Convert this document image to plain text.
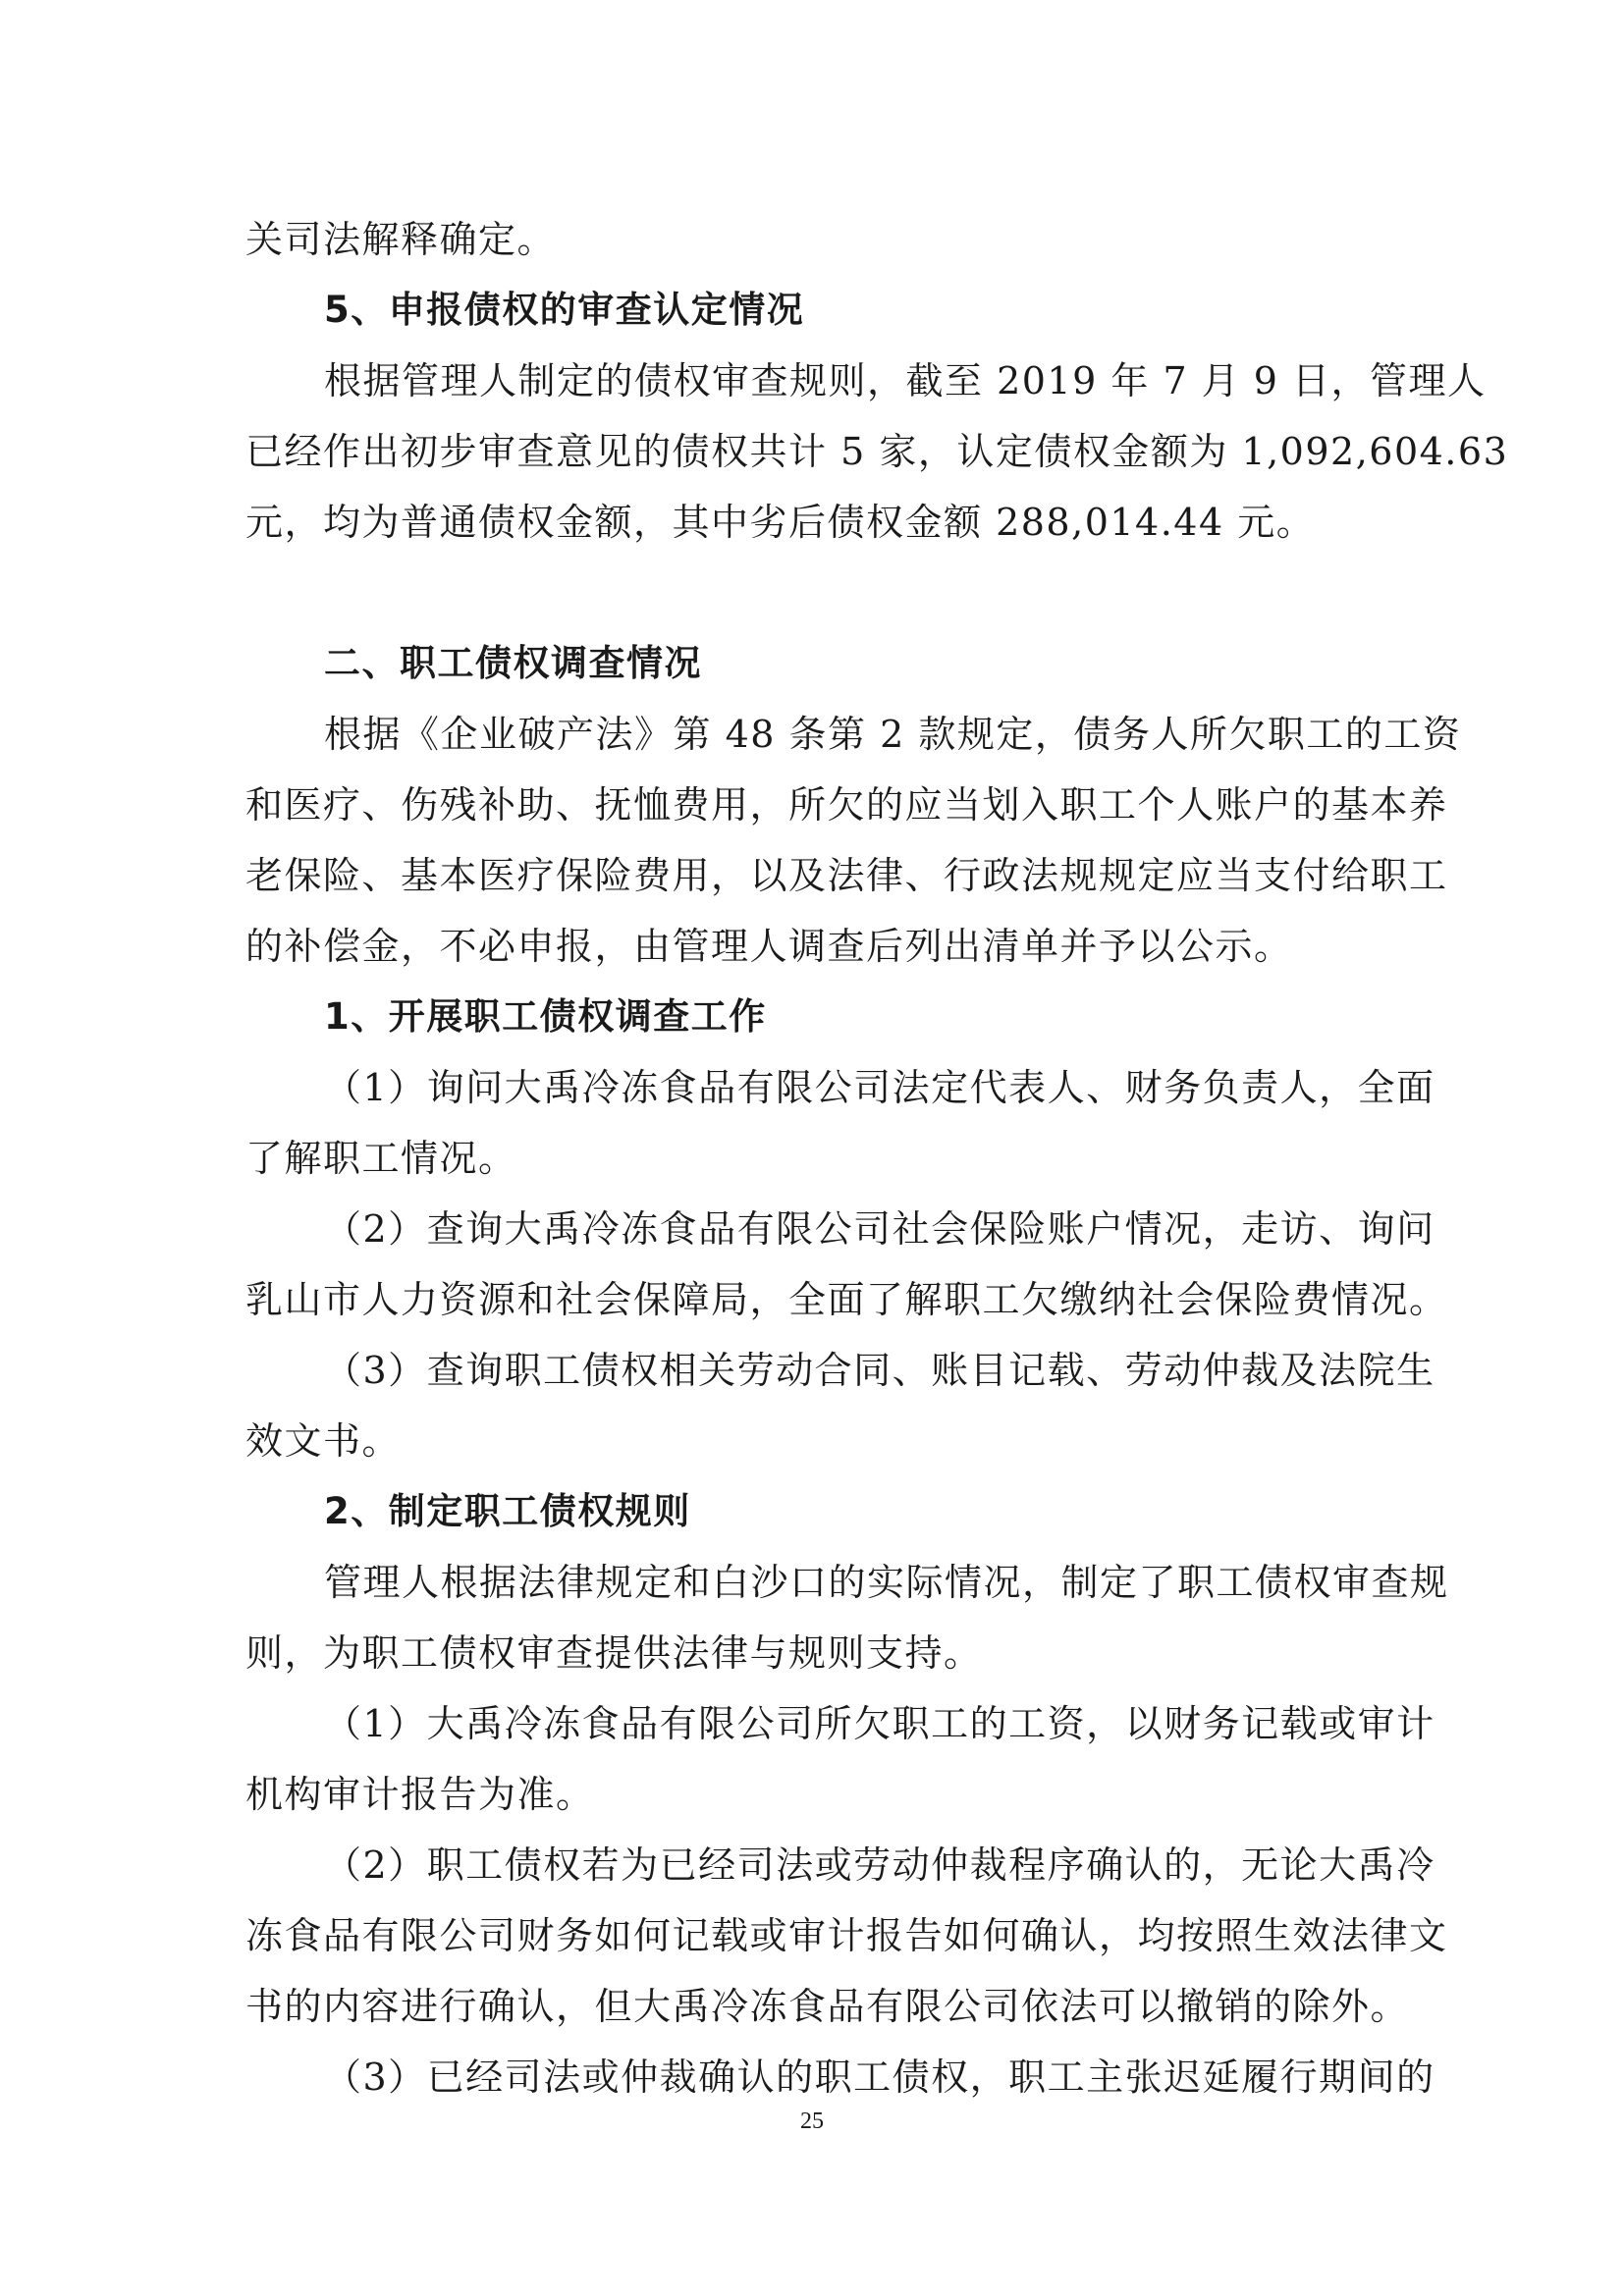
关司法解释确定。
5、申报债权的审查认定情况
根据管理人制定的债权审查规则，截至 2019 年 7 月 9 日，管理人
已经作出初步审查意见的债权共计 5 家，认定债权金额为 1,092,604.63
元，均为普通债权金额，其中劣后债权金额 288,014.44 元。
二、职工债权调查情况
根据《企业破产法》第 48 条第 2 款规定，债务人所欠职工的工资
和医疗、伤残补助、抚恤费用，所欠的应当划入职工个人账户的基本养
老保险、基本医疗保险费用，以及法律、行政法规规定应当支付给职工
的补偿金，不必申报，由管理人调查后列出清单并予以公示。
1、开展职工债权调查工作
（1）询问大禹冷冻食品有限公司法定代表人、财务负责人，全面
了解职工情况。
（2）查询大禹冷冻食品有限公司社会保险账户情况，走访、询问
乳山市人力资源和社会保障局，全面了解职工欠缴纳社会保险费情况。
（3）查询职工债权相关劳动合同、账目记载、劳动仲裁及法院生
效文书。
2、制定职工债权规则
管理人根据法律规定和白沙口的实际情况，制定了职工债权审查规
则，为职工债权审查提供法律与规则支持。
（1）大禹冷冻食品有限公司所欠职工的工资，以财务记载或审计
机构审计报告为准。
（2）职工债权若为已经司法或劳动仲裁程序确认的，无论大禹冷
冻食品有限公司财务如何记载或审计报告如何确认，均按照生效法律文
书的内容进行确认，但大禹冷冻食品有限公司依法可以撤销的除外。
（3）已经司法或仲裁确认的职工债权，职工主张迟延履行期间的
25
